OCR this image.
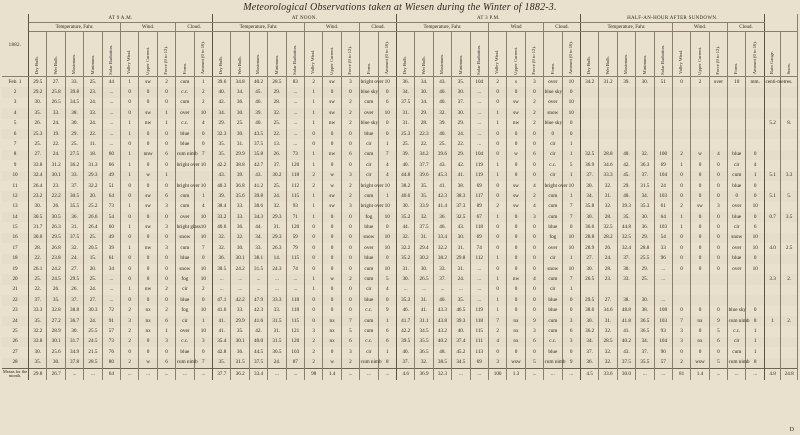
Meteorological Observations taken at Wiesen during the Winter of 1882-3.
1882.	AT 9 A.M.										AT NOON.										AT 3 P.M.										HALF-AN-HOUR AFTER SUNDOWN.											
	Temperature, Fahr.					Wind.			Cloud.		Temperature, Fahr.					Wind.			Cloud.		Temperature, Fahr.					Wind			Cloud.		Temperature, Fahr.					Wind.			Cloud.			
	Dry Bulb.	Wet Bulb.	Maximum.	Minimum.	Solar Radiation.	Valley Wind.	Upper Current.	Force (0 to 12).	Form.	Amount (0 to 10).	Dry Bulb.	Wet Bulb.	Maximum.	Minimum.	Solar Radiation.	Valley Wind.	Upper Current.	Force (0 to 12).	Form.	Amount (0 to 10).	Dry Bulb.	Wet Bulb.	Maximum.	Minimum.	Solar Radiation.	Valley Wind.	Upper Current.	Force (0 to 12).	Form.	Amount (0 to 10).	Dry Bulb.	Wet Bulb.	Maximum.	Minimum.	Solar Radiation.	Valley Wind.	Upper Current.	Force (0 to 12).	Form.	Amount (0 to 10).	Rain Gauge.	Snow.
Feb. 1	29.5	27.	33.	25.	44	1	sw	2	cum	1	39.6	34.8	40.2	28.5	83	2	sw	3	bright over	10	36.	34.	43.	35.	104	2	s	3	over	10	34.2	31.2	39.	30.	51	0	2	over	10	mm.	centi-metres.	
2	29.2	25.8	39.8	23.	...	0	0	0	c.c.	2	40.	34.	45.	29.	...	1	0	0	blue sky	0	34.	30.	40.	30.	...	0	0	0	blue sky	0												
3	30.	26.5	34.5	24.	...	0	0	0	cum	2	42.	36.	46.	28.	...	1	sw	2	cum	6	37.5	34.	40.	37.	...	0	sw	2	over	10												
4	35.	33.	38.	33.	...	0	sw	1	over	10	34.	30.	39.	32.	...	1	sw	2	over	10	31.	29.	32.	30.	...	1	sw	2	snow	10												
5	26.	24.	30.	24.	...	1	nw	1	c.c.	4	29.	25.	40.	25.	...	1	nw	2	blue sky	0	31.	28.	39.	29.	...	1	nw	2	blue sky	0											5.2	8.
6	25.3	19.	29.	22.	...	1	0	0	blue	0	32.3	30.	43.5	22.	...	0	0	0	blue	0	25.3	22.3	40.	24.	...	0	0	0	0	0												
7	25.	22.	25.	11.	...	0	0	0	blue	0	35.	31.	37.5	13.	...	0	0	0	cir	1	25.	22.	25.	22.	...	0	0	0	cir	1												
8	27.	24.	27.5	18.	60	1	nnw	6	cum nimb	7	35.	29.9	35.8	26.	73	1	nw	6	cum	7	39.	34.2	39.6	29.	104	0	w	6	cir	1	32.5	28.8	40.	32.	100	2	w	4	blue	0		
9	33.8	31.2	36.2	31.3	66	1	0	0	bright over	10	42.2	38.8	42.7	37.	120	1	0	0	cir	4	40.	37.7	43.	42.	119	1	0	0	c.c.	5	36.9	34.6	42.	36.3	69	1	0	0	cir	4		
10	32.4	30.1	33.	29.3	49	1	w	1			43.	39.	43.	30.2	118	2	w	3	cir	4	44.8	39.6	45.3	41.	119	1	0	0	cir	1	37.	33.3	45.	37.	104	0	0	0	cum	1	5.1	3.3
11	26.4	23.	37.	32.2	51	0	0	0	bright over	10	40.3	36.8	41.2	25.	112	2	w	2	bright over	10	38.2	35.	41.	38.	69	0	sw	4	bright over	10	30.	32.	29.	31.5	24	0	0	0	blue	0		
12	23.2	22.2	30.5	20.	64	0	sw	6	cum	1	39.	35.6	39.8	24.	115	1	sw	2	cum	1	40.6	35.	42.3	38.3	117	0	sw	2	cum	1	34.	31.	40.	34.	103	0	0	0	0	0	5.1	5.
13	30.	26.	35.5	25.2	73	1	sw	3	cum	4	38.4	33.	38.6	32.	93	1	sw	3	bright over	10	30.	33.9	41.4	37.3	89	2	sw	4	cum	7	35.8	32.	39.3	35.3	61	2	sw	3	over	10		
14	30.5	30.5	36.	26.6	54	0	0	0	over	10	33.2	33.	34.3	29.3	71	1	0	0	fog	10	35.2	32.	36.	32.5	67	1	0	3	cum	7	30.	28.	35.	30.	64	1	0	0	blue	0	0.7	3.5
15	31.7	26.3	31.	26.4	60	1	sw	3	bright glass	10	40.6	36.	44.	31.	120	0	0	0	blue	0	44.	37.5	46.	43.	118	0	0	0	blue	0	36.6	32.5	44.8	36.	103	1	0	0	cir	6		
16	30.0	29.5	37.5	25.	49	0	0	0	snow	10	32.	32.	34.	29.3	59	0	0	0	snow	10	32.	31.	33.4	30.	69	0	0	0	fog	10	28.8	28.2	32.5	29.	54	0	0	0	snow	10		
17	28.	26.8	32.	20.5	39	1	nw	3	cum	7	32.	30.	33.	26.3	79	0	0	0	over	10	32.2	29.4	32.2	31.	74	0	0	0	over	10	28.9	26.	32.4	28.8	33	0	0	0	over	10	4.0	2.5
18	22.	23.8	24.	15.	61	0	0	0	blue	0	36.	30.1	38.1	14.	115	0	0	0	blue	0	35.2	30.2	38.2	29.8	112	1	0	0	cir	1	27.	24.	37.	25.5	96	0	0	0	blue	0		
19	26.1	24.2	27.	20.	34	0	0	0	snow	10	30.5	24.2	31.5	24.3	74	0	0	0	cum	10	31.	30.	33.	31.	...	0	0	0	snow	10	30.	28.	30.	29.	...	0	0	0	over	10		
20	25.	24.5	29.5	25.	...	0	0	0	fog	10	...	...	...	...	...	1	w	2	cum	5	30.	26.5	37.	24.	...	1	nw	4	cum	7	26.5	23.	33.	25.	...						3.3	2.
21	22.	26.	26.	24.	...	1	nw	2	cir	2	...	...	...	...	...	1	0	0	cir	4	...	...	...	...	...	0	0	0	cir	1												
22	37.	35.	37.	27.	...	0	0	0	blue	0	47.1	42.2	47.9	33.3	118	0	0	0	blue	0	35.3	31.	40.	35.	...	1	0	0	blue	0	29.5	27.	38.	30.	...							
23	33.3	32.8	38.8	30.3	72	2	nx	2	fog	10	41.6	33.	42.3	33.	118	0	0	0	c.c.	9	46.	41.	43.3	46.5	119	1	0	0	blue	0	38.6	34.6	48.8	38.	108	0	0	0	blue sky	0		
24	35.	27.2	36.7	24.	91	3	nx	6	cir	1	41.	29.9	41.6	31.5	115	0	nx	7	cum	1	41.7	31.1	43.8	39.3	118	7	nx	9	cum	3	30.	31.	41.8	36.5	103	7	nx	9	cum nimb	8	1	2.
25	32.2	28.9	30.	25.5	57	2	nx	1	over	10	41.	35.	42.	31.	121	3	nx	5	cum	6	42.2	34.5	43.2	40.	115	2	nx	3	cum	6	36.2	32.	41.	36.5	93	3	0	5	c.c.	1		
26	33.8	30.1	31.7	24.5	73	2	0	3	c.c.	3	35.4	30.1	40.0	31.5	120	2	nx	6	c.c.	6	39.5	35.5	40.2	37.4	111	4	nx	6	c.c.	3	34.	28.5	40.2	34.	104	3	nx	6	cir	1		
27	30.	25.6	34.9	21.5	76	0	0	0	blue	0	42.8	36.	44.5	30.5	103	2	0	3	cir	1	40.	36.5	48.	45.2	113	0	0	0	blue	0	37.	32.	43.	37.	90	0	0	0	cum	1		
28	35.	30.	37.8	28.5	80	2	w	6	cum nimb	7	35.	31.5	37.5	24.	87	2	w	2	cum nimb	8	37.	32.	38.5	34.5	69	3	wsw	5	cum nimb	9	36.	32.	37.5	35.5	57	2	wsw	5	cum nimb	8		
Means for the month.	29.8	26.7	...	...	64	...	...	...	...	...	37.7	36.2	33.4	...	...	98	1.4	...	...	...	4.6	36.9	32.3	...	...	100	1.3	...	...	...	4.5	33.6	30.0	...	...	81	1.4	...	...	...	4.8	24.8
D
